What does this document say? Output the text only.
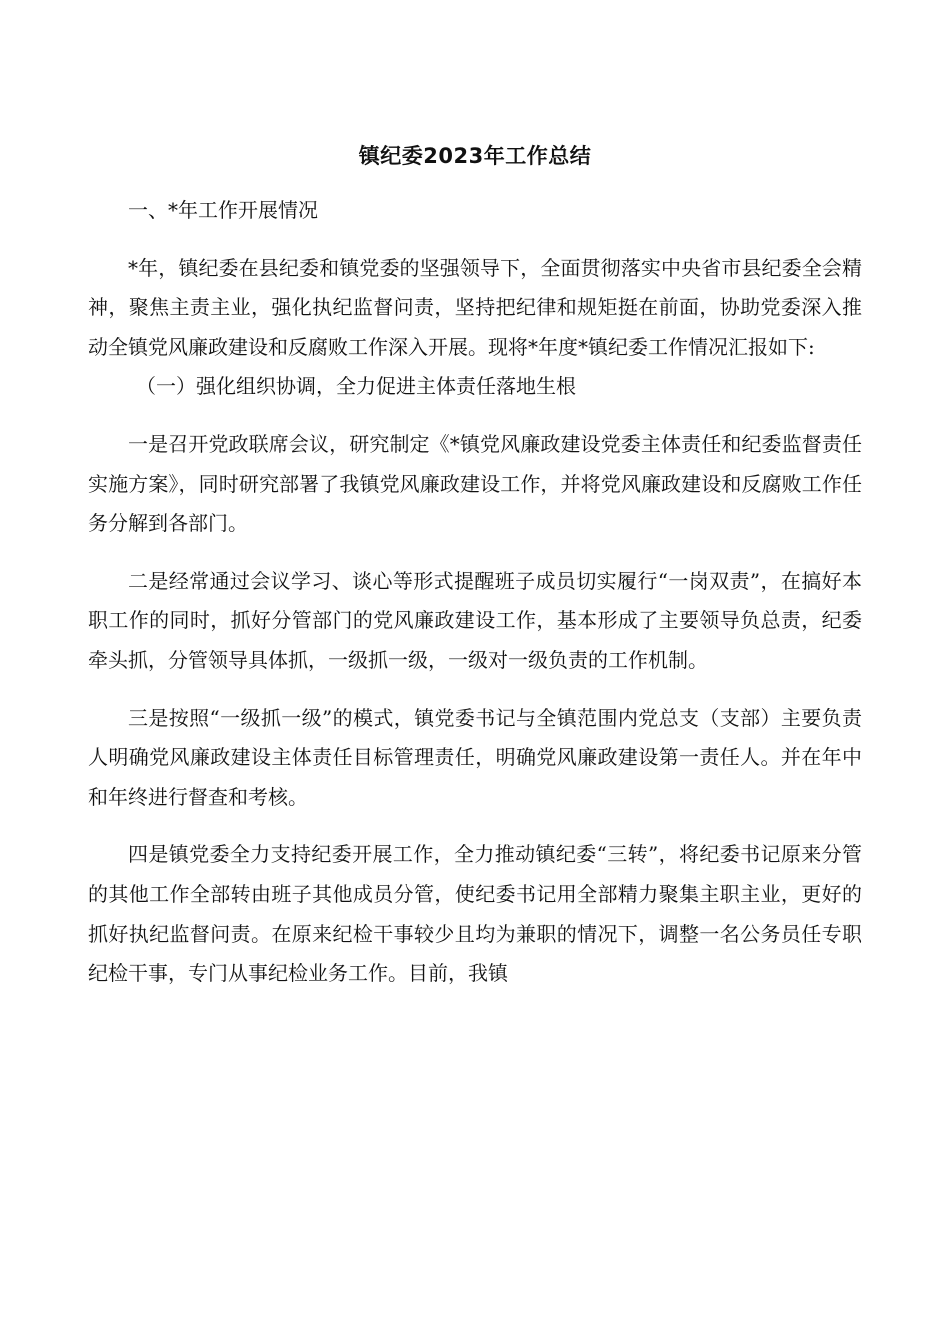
镇纪委2023年工作总结

一、*年工作开展情况

*年，镇纪委在县纪委和镇党委的坚强领导下，全面贯彻落实中央省市县纪委全会精神，聚焦主责主业，强化执纪监督问责，坚持把纪律和规矩挺在前面，协助党委深入推动全镇党风廉政建设和反腐败工作深入开展。现将*年度*镇纪委工作情况汇报如下:

（一）强化组织协调，全力促进主体责任落地生根

一是召开党政联席会议，研究制定《*镇党风廉政建设党委主体责任和纪委监督责任实施方案》，同时研究部署了我镇党风廉政建设工作，并将党风廉政建设和反腐败工作任务分解到各部门。

二是经常通过会议学习、谈心等形式提醒班子成员切实履行“一岗双责”，在搞好本职工作的同时，抓好分管部门的党风廉政建设工作，基本形成了主要领导负总责，纪委牵头抓，分管领导具体抓，一级抓一级，一级对一级负责的工作机制。

三是按照“一级抓一级”的模式，镇党委书记与全镇范围内党总支（支部）主要负责人明确党风廉政建设主体责任目标管理责任，明确党风廉政建设第一责任人。并在年中和年终进行督查和考核。

四是镇党委全力支持纪委开展工作，全力推动镇纪委“三转”，将纪委书记原来分管的其他工作全部转由班子其他成员分管，使纪委书记用全部精力聚集主职主业，更好的抓好执纪监督问责。在原来纪检干事较少且均为兼职的情况下，调整一名公务员任专职纪检干事，专门从事纪检业务工作。目前，我镇
